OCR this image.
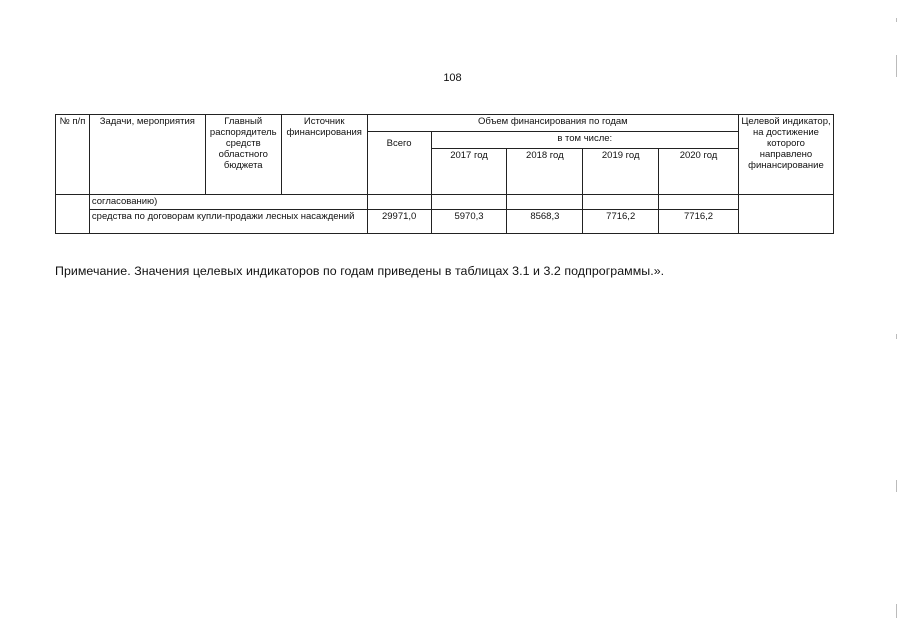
108
№ п/п	Задачи, мероприятия	Главный распорядитель средств областного бюджета	Источник финансирования	Объем финансирования по годам					Целевой индикатор, на достижение которого направлено финансирование
				Всего	в том числе:				
					2017 год	2018 год	2019 год	2020 год	
	согласованию)								
	средства по договорам купли-продажи лесных насаждений			29971,0	5970,3	8568,3	7716,2	7716,2	
Примечание. Значения целевых индикаторов по годам приведены в таблицах 3.1 и 3.2 подпрограммы.».
